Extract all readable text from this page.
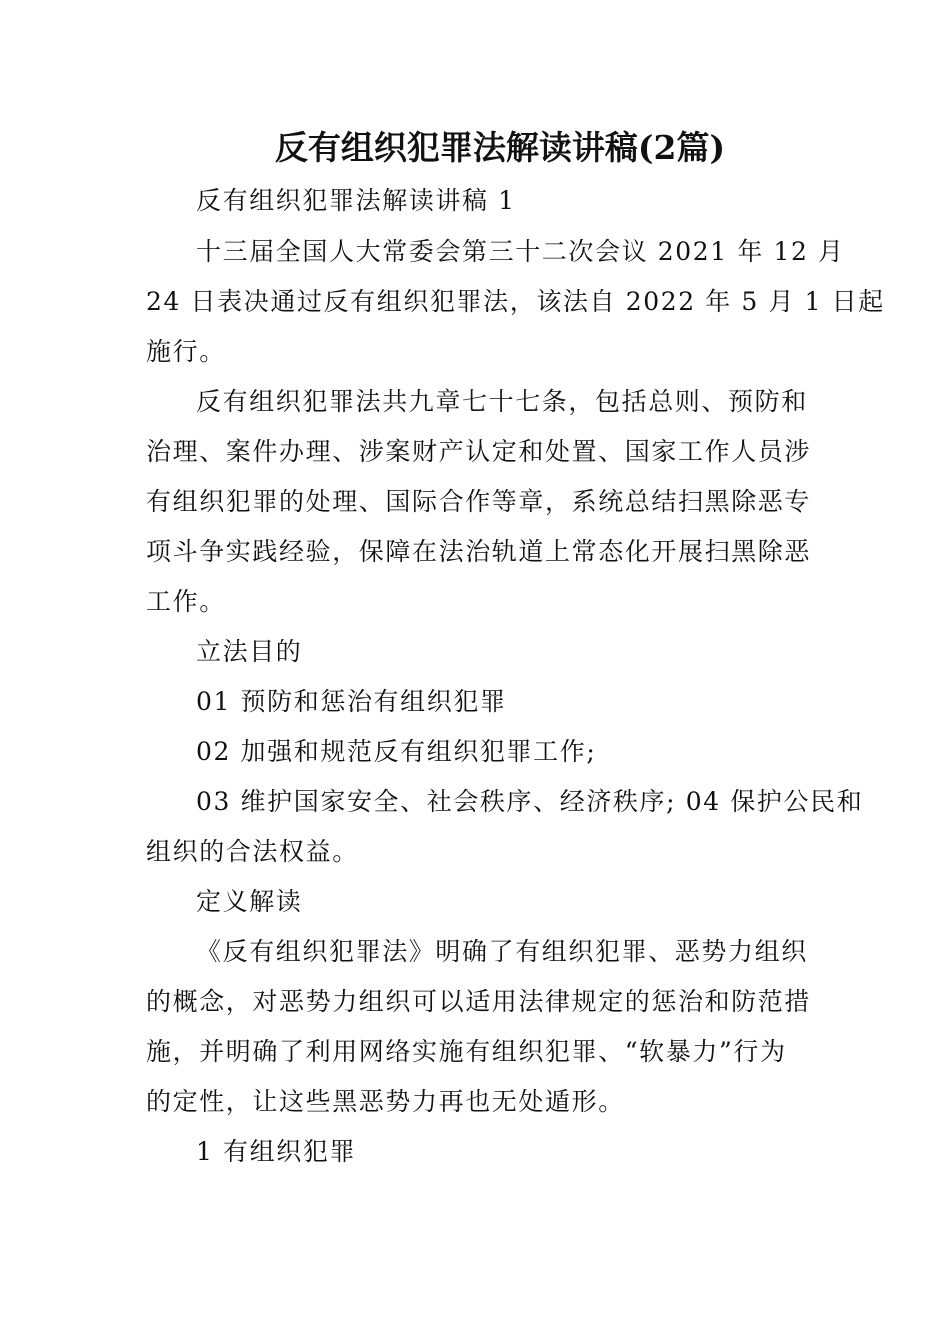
反有组织犯罪法解读讲稿(2篇)
反有组织犯罪法解读讲稿 1
十三届全国人大常委会第三十二次会议 2021 年 12 月
24 日表决通过反有组织犯罪法，该法自 2022 年 5 月 1 日起
施行。
反有组织犯罪法共九章七十七条，包括总则、预防和
治理、案件办理、涉案财产认定和处置、国家工作人员涉
有组织犯罪的处理、国际合作等章，系统总结扫黑除恶专
项斗争实践经验，保障在法治轨道上常态化开展扫黑除恶
工作。
立法目的
01 预防和惩治有组织犯罪
02 加强和规范反有组织犯罪工作;
03 维护国家安全、社会秩序、经济秩序; 04 保护公民和
组织的合法权益。
定义解读
《反有组织犯罪法》明确了有组织犯罪、恶势力组织
的概念，对恶势力组织可以适用法律规定的惩治和防范措
施，并明确了利用网络实施有组织犯罪、“软暴力”行为
的定性，让这些黑恶势力再也无处遁形。
1 有组织犯罪
